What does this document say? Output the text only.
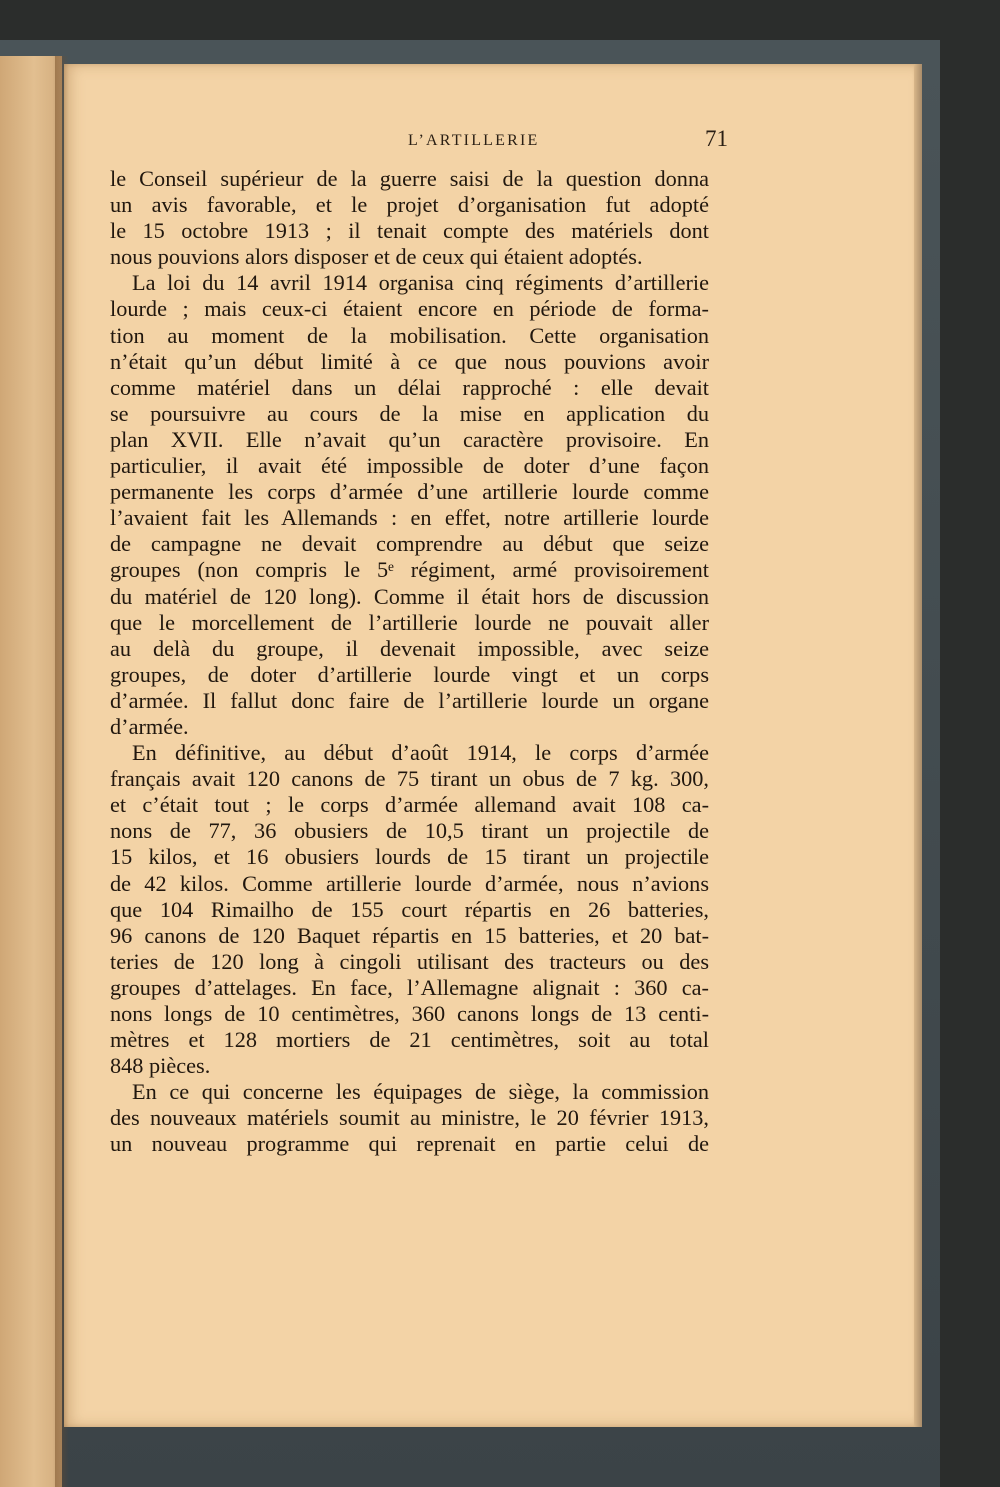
L’ARTILLERIE	71

le Conseil supérieur de la guerre saisi de la question donna
un avis favorable, et le projet d’organisation fut adopté
le 15 octobre 1913 ; il tenait compte des matériels dont
nous pouvions alors disposer et de ceux qui étaient adoptés.

La loi du 14 avril 1914 organisa cinq régiments d’artillerie
lourde ; mais ceux-ci étaient encore en période de forma-
tion au moment de la mobilisation. Cette organisation
n’était qu’un début limité à ce que nous pouvions avoir
comme matériel dans un délai rapproché : elle devait
se poursuivre au cours de la mise en application du
plan XVII. Elle n’avait qu’un caractère provisoire. En
particulier, il avait été impossible de doter d’une façon
permanente les corps d’armée d’une artillerie lourde comme
l’avaient fait les Allemands : en effet, notre artillerie lourde
de campagne ne devait comprendre au début que seize
groupes (non compris le 5ᵉ régiment, armé provisoirement
du matériel de 120 long). Comme il était hors de discussion
que le morcellement de l’artillerie lourde ne pouvait aller
au delà du groupe, il devenait impossible, avec seize
groupes, de doter d’artillerie lourde vingt et un corps
d’armée. Il fallut donc faire de l’artillerie lourde un organe
d’armée.

En définitive, au début d’août 1914, le corps d’armée
français avait 120 canons de 75 tirant un obus de 7 kg. 300,
et c’était tout ; le corps d’armée allemand avait 108 ca-
nons de 77, 36 obusiers de 10,5 tirant un projectile de
15 kilos, et 16 obusiers lourds de 15 tirant un projectile
de 42 kilos. Comme artillerie lourde d’armée, nous n’avions
que 104 Rimailho de 155 court répartis en 26 batteries,
96 canons de 120 Baquet répartis en 15 batteries, et 20 bat-
teries de 120 long à cingoli utilisant des tracteurs ou des
groupes d’attelages. En face, l’Allemagne alignait : 360 ca-
nons longs de 10 centimètres, 360 canons longs de 13 centi-
mètres et 128 mortiers de 21 centimètres, soit au total
848 pièces.

En ce qui concerne les équipages de siège, la commission
des nouveaux matériels soumit au ministre, le 20 février 1913,
un nouveau programme qui reprenait en partie celui de
